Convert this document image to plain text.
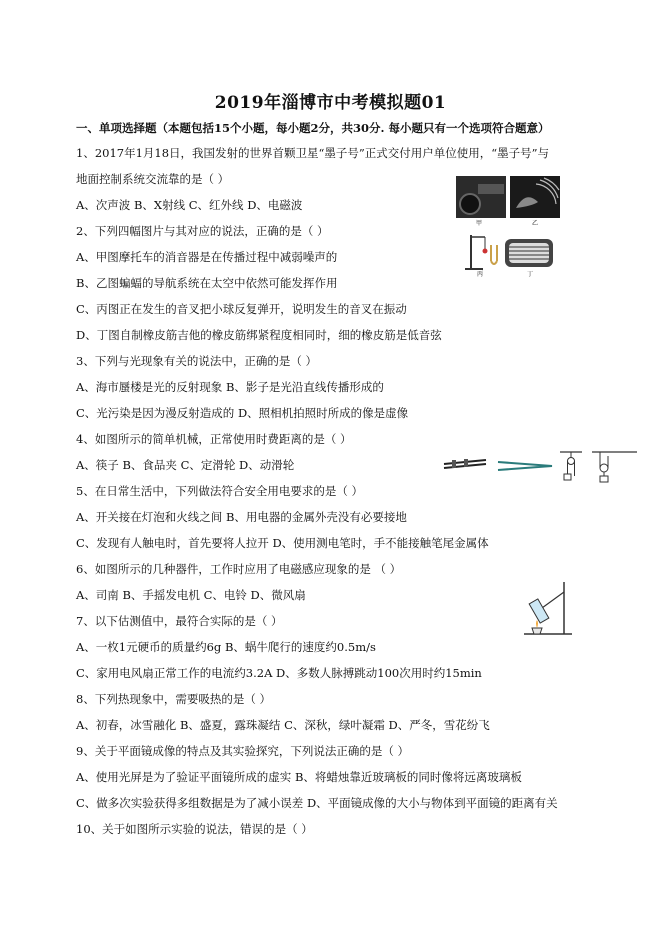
2019年淄博市中考模拟题01
一、单项选择题（本题包括15个小题，每小题2分，共30分. 每小题只有一个选项符合题意）
1、2017年1月18日，我国发射的世界首颗卫星“墨子号”正式交付用户单位使用，“墨子号”与
地面控制系统交流靠的是（ ）
A、次声波 B、X射线 C、红外线 D、电磁波
2、下列四幅图片与其对应的说法，正确的是（ ）
A、甲图摩托车的消音器是在传播过程中减弱噪声的
B、乙图蝙蝠的导航系统在太空中依然可能发挥作用
C、丙图正在发生的音叉把小球反复弹开，说明发生的音叉在振动
D、丁图自制橡皮筋吉他的橡皮筋绑紧程度相同时，细的橡皮筋是低音弦
3、下列与光现象有关的说法中，正确的是（ ）
A、海市蜃楼是光的反射现象 B、影子是光沿直线传播形成的
C、光污染是因为漫反射造成的 D、照相机拍照时所成的像是虚像
4、如图所示的简单机械，正常使用时费距离的是（ ）
A、筷子 B、食品夹 C、定滑轮 D、动滑轮
5、在日常生活中，下列做法符合安全用电要求的是（ ）
A、开关接在灯泡和火线之间 B、用电器的金属外壳没有必要接地
C、发现有人触电时，首先要将人拉开 D、使用测电笔时，手不能接触笔尾金属体
6、如图所示的几种器件，工作时应用了电磁感应现象的是 （ ）
A、司南 B、手摇发电机 C、电铃 D、微风扇
7、以下估测值中，最符合实际的是（ ）
A、一枚1元硬币的质量约6g B、蜗牛爬行的速度约0.5m/s
C、家用电风扇正常工作的电流约3.2A D、多数人脉搏跳动100次用时约15min
8、下列热现象中，需要吸热的是（ ）
A、初春，冰雪融化 B、盛夏，露珠凝结 C、深秋，绿叶凝霜 D、严冬，雪花纷飞
9、关于平面镜成像的特点及其实验探究，下列说法正确的是（ ）
A、使用光屏是为了验证平面镜所成的虚实 B、将蜡烛靠近玻璃板的同时像将远离玻璃板
C、做多次实验获得多组数据是为了减小误差 D、平面镜成像的大小与物体到平面镜的距离有关
10、关于如图所示实验的说法，错误的是（ ）
甲	乙
丙	丁
